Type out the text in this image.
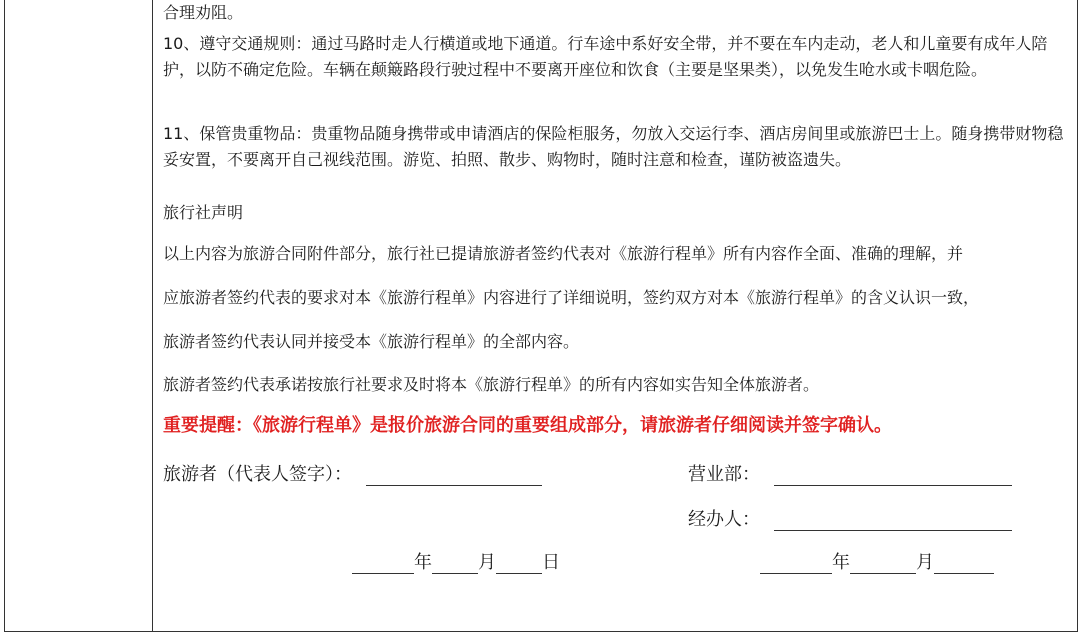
合理劝阻。

10、遵守交通规则：通过马路时走人行横道或地下通道。行车途中系好安全带，并不要在车内走动，老人和儿童要有成年人陪护，以防不确定危险。车辆在颠簸路段行驶过程中不要离开座位和饮食（主要是坚果类），以免发生呛水或卡咽危险。

11、保管贵重物品：贵重物品随身携带或申请酒店的保险柜服务，勿放入交运行李、酒店房间里或旅游巴士上。随身携带财物稳妥安置，不要离开自己视线范围。游览、拍照、散步、购物时，随时注意和检查，谨防被盗遗失。

旅行社声明

以上内容为旅游合同附件部分，旅行社已提请旅游者签约代表对《旅游行程单》所有内容作全面、准确的理解，并

应旅游者签约代表的要求对本《旅游行程单》内容进行了详细说明，签约双方对本《旅游行程单》的含义认识一致，

旅游者签约代表认同并接受本《旅游行程单》的全部内容。

旅游者签约代表承诺按旅行社要求及时将本《旅游行程单》的所有内容如实告知全体旅游者。

重要提醒：《旅游行程单》是报价旅游合同的重要组成部分，请旅游者仔细阅读并签字确认。

旅游者（代表人签字）：	营业部：
经办人：
年	月	日	年	月
